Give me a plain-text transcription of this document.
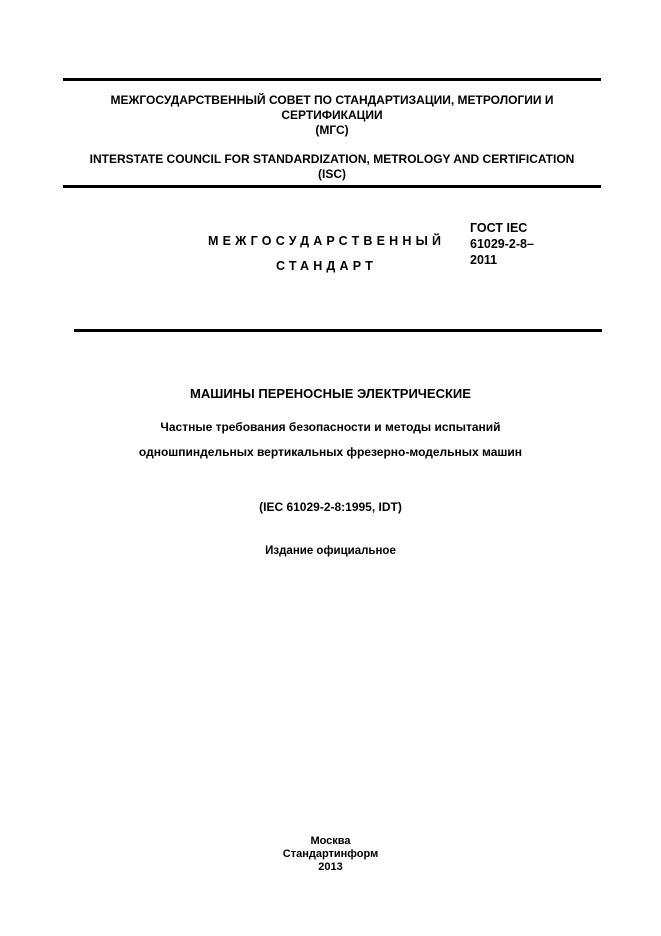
МЕЖГОСУДАРСТВЕННЫЙ СОВЕТ ПО СТАНДАРТИЗАЦИИ, МЕТРОЛОГИИ И
СЕРТИФИКАЦИИ
(МГС)
INTERSTATE COUNCIL FOR STANDARDIZATION, METROLOGY AND CERTIFICATION
(ISC)
МЕЖГОСУДАРСТВЕННЫЙ
СТАНДАРТ
ГОСТ IEC
61029-2-8–
2011
МАШИНЫ ПЕРЕНОСНЫЕ ЭЛЕКТРИЧЕСКИЕ
Частные требования безопасности и методы испытаний
одношпиндельных вертикальных фрезерно-модельных машин
(IEC 61029-2-8:1995, IDT)
Издание официальное
Москва
Стандартинформ
2013
